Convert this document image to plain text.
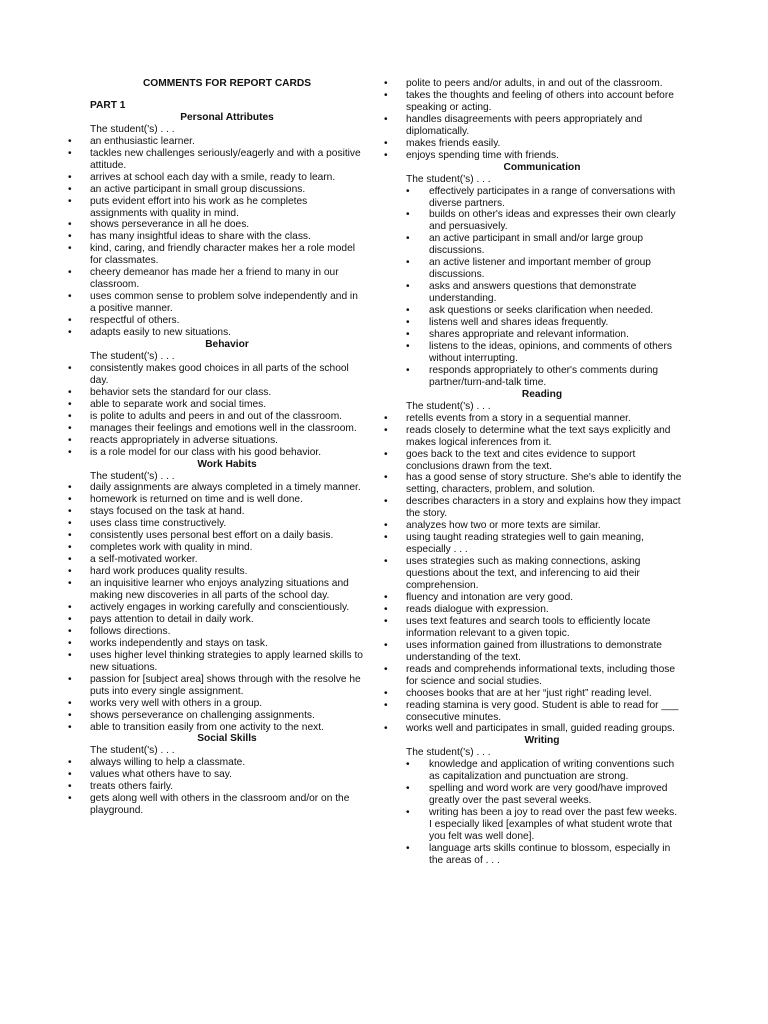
COMMENTS FOR REPORT CARDS

PART 1

Personal Attributes

The student('s) . . .

• an enthusiastic learner.
• tackles new challenges seriously/eagerly and with a positive attitude.
• arrives at school each day with a smile, ready to learn.
• an active participant in small group discussions.
• puts evident effort into his work as he completes assignments with quality in mind.
• shows perseverance in all he does.
• has many insightful ideas to share with the class.
• kind, caring, and friendly character makes her a role model for classmates.
• cheery demeanor has made her a friend to many in our classroom.
• uses common sense to problem solve independently and in a positive manner.
• respectful of others.
• adapts easily to new situations.

Behavior

The student('s) . . .

• consistently makes good choices in all parts of the school day.
• behavior sets the standard for our class.
• able to separate work and social times.
• is polite to adults and peers in and out of the classroom.
• manages their feelings and emotions well in the classroom.
• reacts appropriately in adverse situations.
• is a role model for our class with his good behavior.

Work Habits

The student('s) . . .

• daily assignments are always completed in a timely manner.
• homework is returned on time and is well done.
• stays focused on the task at hand.
• uses class time constructively.
• consistently uses personal best effort on a daily basis.
• completes work with quality in mind.
• a self-motivated worker.
• hard work produces quality results.
• an inquisitive learner who enjoys analyzing situations and making new discoveries in all parts of the school day.
• actively engages in working carefully and conscientiously.
• pays attention to detail in daily work.
• follows directions.
• works independently and stays on task.
• uses higher level thinking strategies to apply learned skills to new situations.
• passion for [subject area] shows through with the resolve he puts into every single assignment.
• works very well with others in a group.
• shows perseverance on challenging assignments.
• able to transition easily from one activity to the next.

Social Skills

The student('s) . . .

• always willing to help a classmate.
• values what others have to say.
• treats others fairly.
• gets along well with others in the classroom and/or on the playground.
• polite to peers and/or adults, in and out of the classroom.
• takes the thoughts and feeling of others into account before speaking or acting.
• handles disagreements with peers appropriately and diplomatically.
• makes friends easily.
• enjoys spending time with friends.

Communication

The student('s) . . .

• effectively participates in a range of conversations with diverse partners.
• builds on other's ideas and expresses their own clearly and persuasively.
• an active participant in small and/or large group discussions.
• an active listener and important member of group discussions.
• asks and answers questions that demonstrate understanding.
• ask questions or seeks clarification when needed.
• listens well and shares ideas frequently.
• shares appropriate and relevant information.
• listens to the ideas, opinions, and comments of others without interrupting.
• responds appropriately to other's comments during partner/turn-and-talk time.

Reading

The student('s) . . .

• retells events from a story in a sequential manner.
• reads closely to determine what the text says explicitly and makes logical inferences from it.
• goes back to the text and cites evidence to support conclusions drawn from the text.
• has a good sense of story structure. She's able to identify the setting, characters, problem, and solution.
• describes characters in a story and explains how they impact the story.
• analyzes how two or more texts are similar.
• using taught reading strategies well to gain meaning, especially . . .
• uses strategies such as making connections, asking questions about the text, and inferencing to aid their comprehension.
• fluency and intonation are very good.
• reads dialogue with expression.
• uses text features and search tools to efficiently locate information relevant to a given topic.
• uses information gained from illustrations to demonstrate understanding of the text.
• reads and comprehends informational texts, including those for science and social studies.
• chooses books that are at her “just right” reading level.
• reading stamina is very good. Student is able to read for ___ consecutive minutes.
• works well and participates in small, guided reading groups.

Writing

The student('s) . . .

• knowledge and application of writing conventions such as capitalization and punctuation are strong.
• spelling and word work are very good/have improved greatly over the past several weeks.
• writing has been a joy to read over the past few weeks. I especially liked [examples of what student wrote that you felt was well done].
• language arts skills continue to blossom, especially in the areas of . . .
